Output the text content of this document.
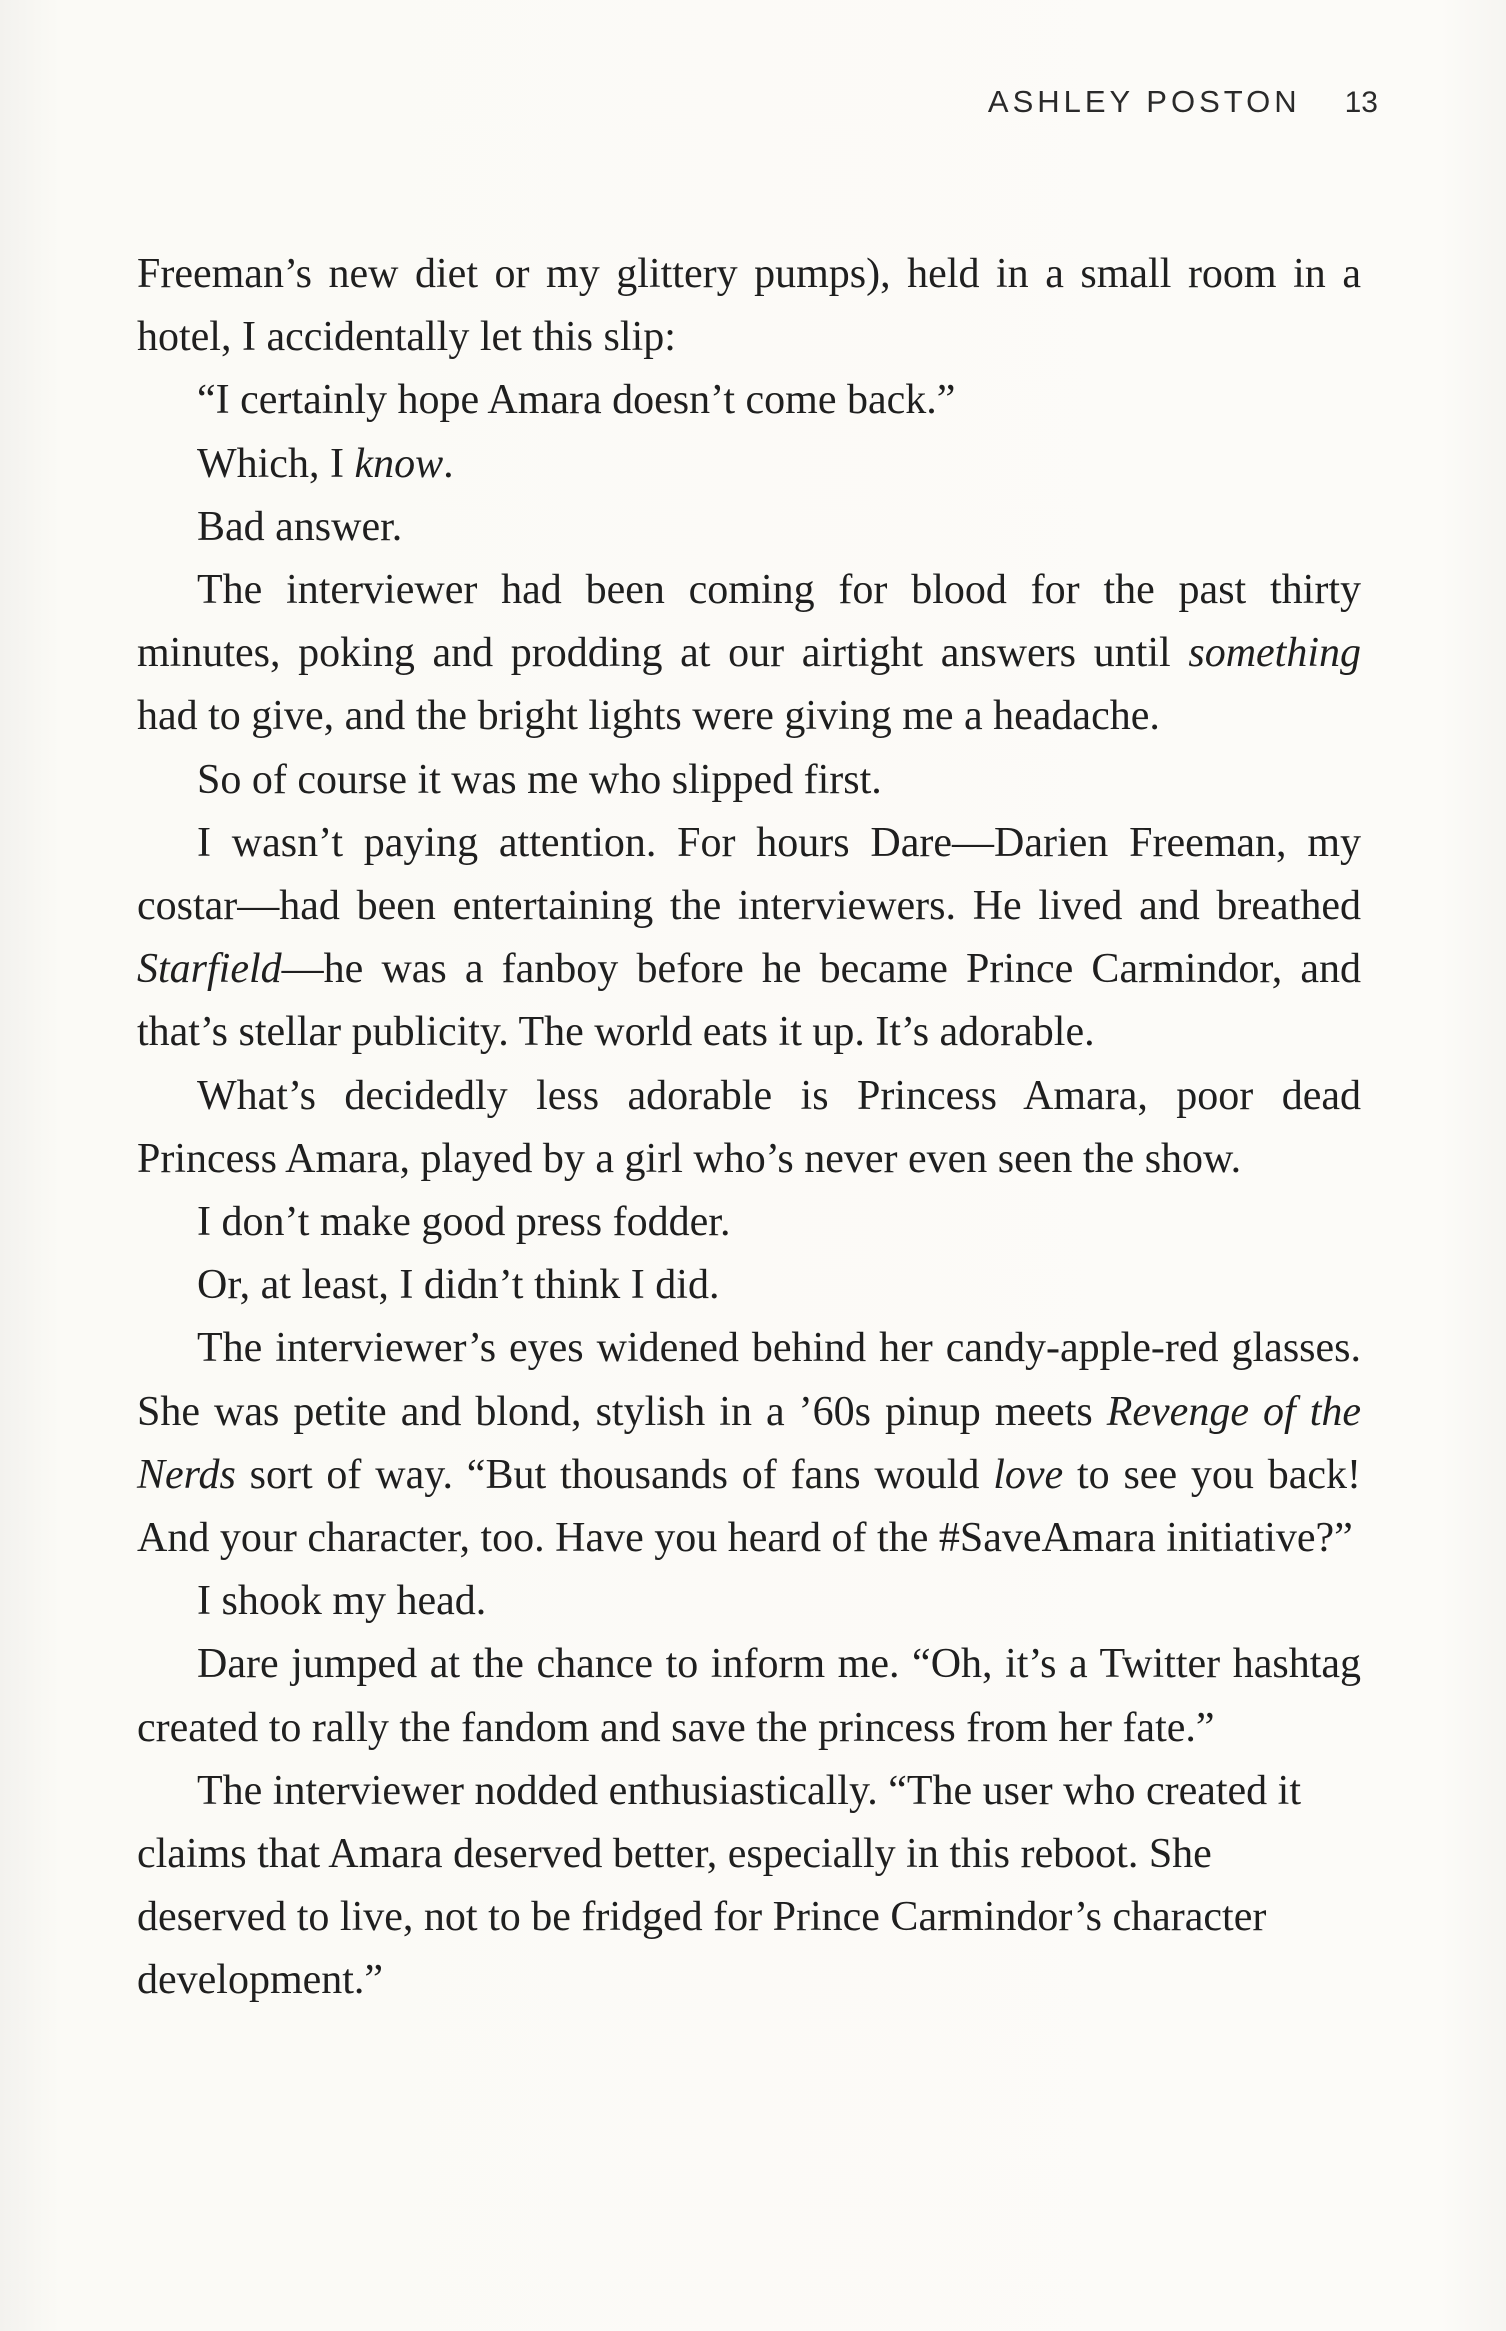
ASHLEY POSTON 13

Freeman’s new diet or my glittery pumps), held in a small room in a hotel, I accidentally let this slip:

“I certainly hope Amara doesn’t come back.”

Which, I know.

Bad answer.

The interviewer had been coming for blood for the past thirty minutes, poking and prodding at our airtight answers until something had to give, and the bright lights were giving me a headache.

So of course it was me who slipped first.

I wasn’t paying attention. For hours Dare—Darien Freeman, my costar—had been entertaining the interviewers. He lived and breathed Starfield—he was a fanboy before he became Prince Carmindor, and that’s stellar publicity. The world eats it up. It’s adorable.

What’s decidedly less adorable is Princess Amara, poor dead Princess Amara, played by a girl who’s never even seen the show.

I don’t make good press fodder.

Or, at least, I didn’t think I did.

The interviewer’s eyes widened behind her candy-apple-red glasses. She was petite and blond, stylish in a ’60s pinup meets Revenge of the Nerds sort of way. “But thousands of fans would love to see you back! And your character, too. Have you heard of the #SaveAmara initiative?”

I shook my head.

Dare jumped at the chance to inform me. “Oh, it’s a Twitter hashtag created to rally the fandom and save the princess from her fate.”

The interviewer nodded enthusiastically. “The user who created it claims that Amara deserved better, especially in this reboot. She deserved to live, not to be fridged for Prince Carmindor’s character development.”
